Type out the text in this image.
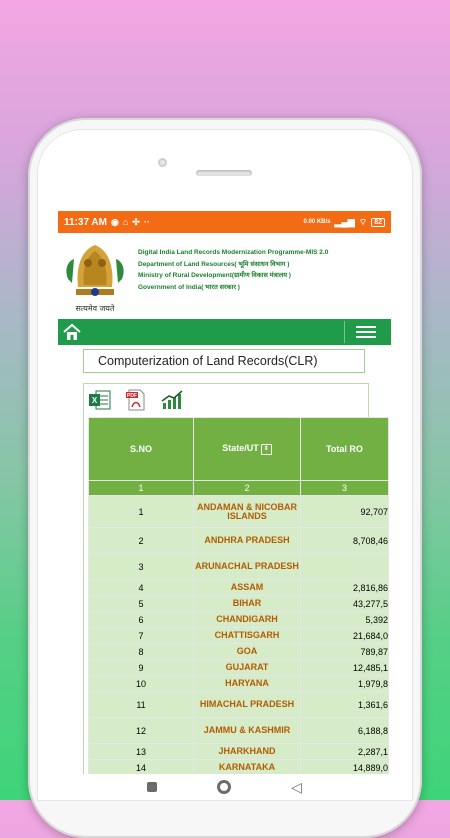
11:37 AM ◉ ⌂ ✣ ··	0.00 KB/s ▂▄▆ ⌔	82
सत्यमेव जयते
Digital India Land Records Modernization Programme-MIS 2.0
Department of Land Resources( भूमि संसाधन विभाग )
Ministry of Rural Development(ग्रामीण विकास मंत्रालय )
Government of India( भारत सरकार )
Computerization of Land Records(CLR)
X	PDF
S.NO	State/UT ⇕	Total RO
1	2	3
1	ANDAMAN & NICOBAR ISLANDS	92,707
2	ANDHRA PRADESH	8,708,46
3	ARUNACHAL PRADESH	
4	ASSAM	2,816,86
5	BIHAR	43,277,5
6	CHANDIGARH	5,392
7	CHATTISGARH	21,684,0
8	GOA	789,87
9	GUJARAT	12,485,1
10	HARYANA	1,979,8
11	HIMACHAL PRADESH	1,361,6
12	JAMMU & KASHMIR	6,188,8
13	JHARKHAND	2,287,1
14	KARNATAKA	14,889,0
◁
